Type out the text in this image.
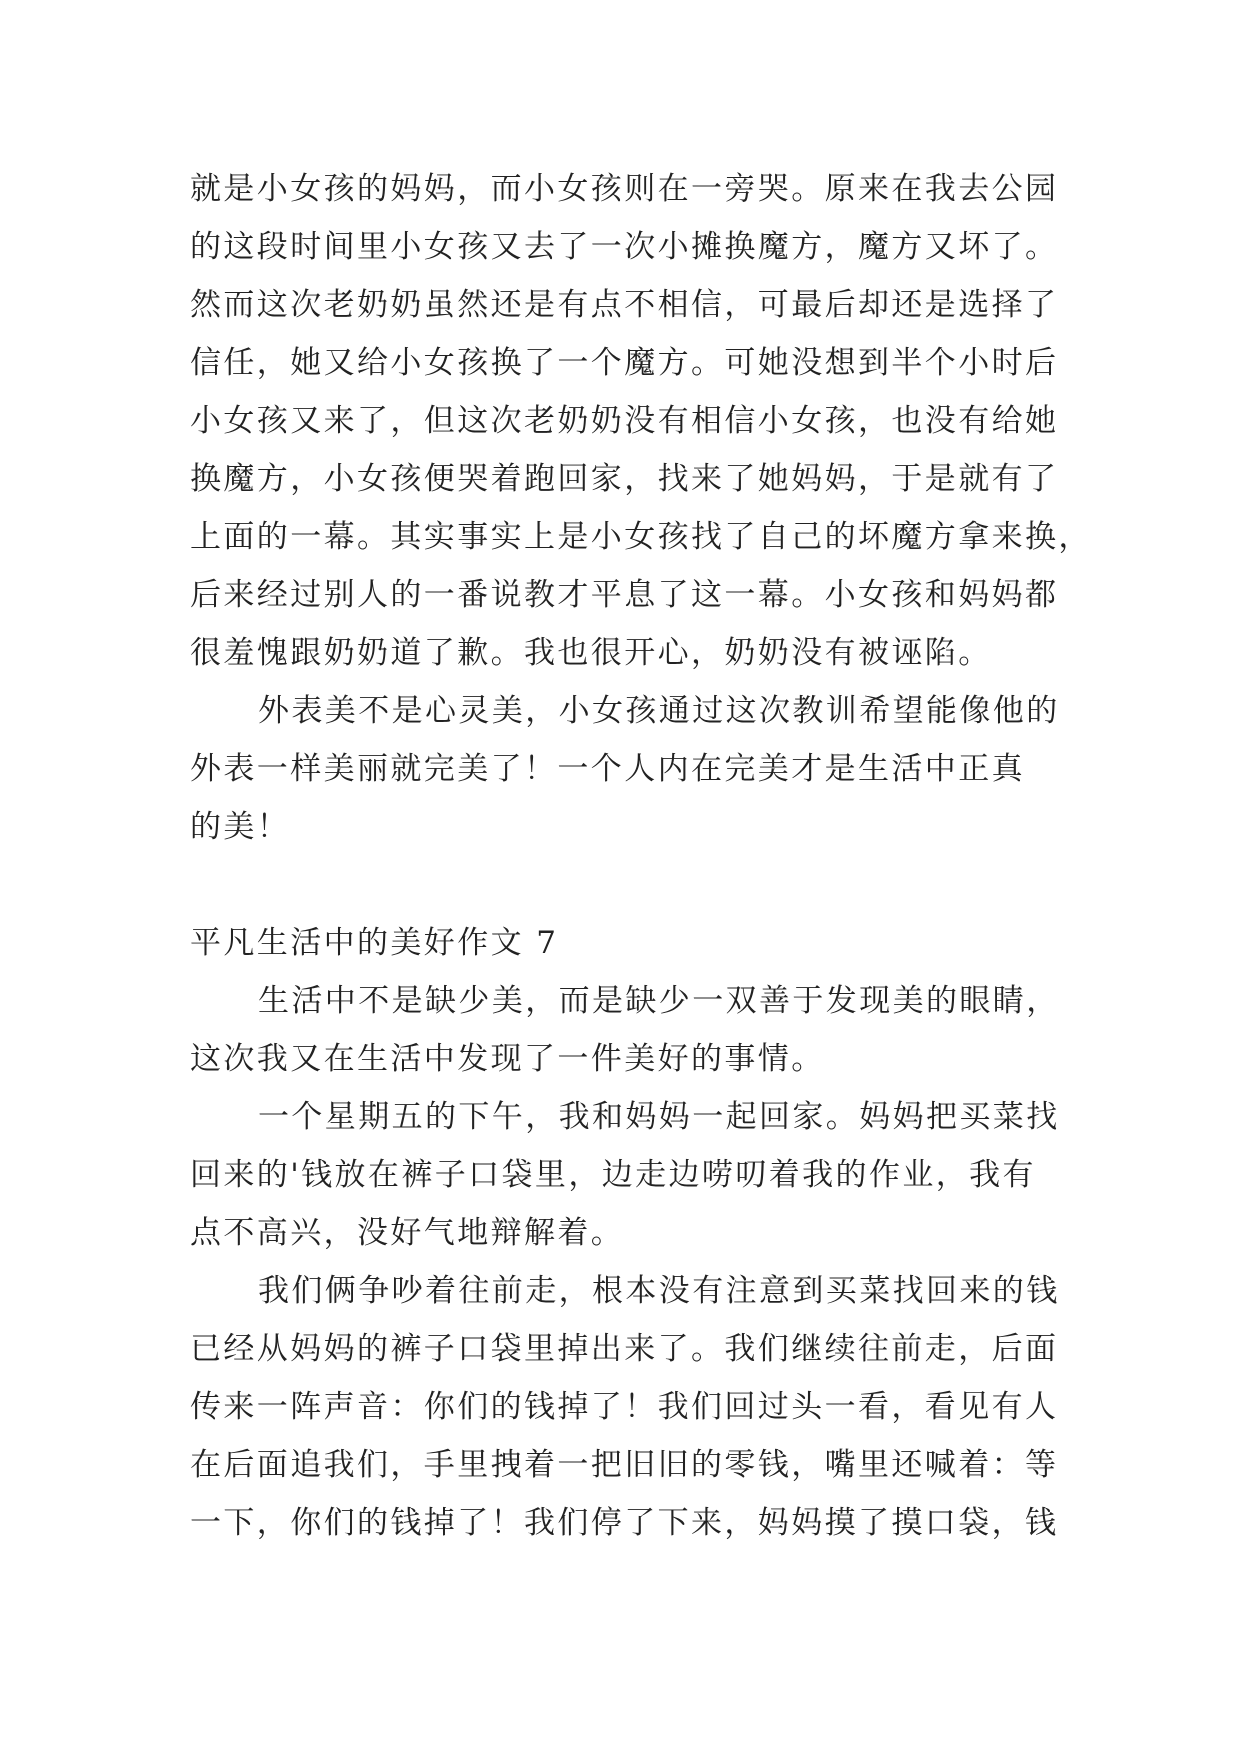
就是小女孩的妈妈，而小女孩则在一旁哭。原来在我去公园
的这段时间里小女孩又去了一次小摊换魔方，魔方又坏了。
然而这次老奶奶虽然还是有点不相信，可最后却还是选择了
信任，她又给小女孩换了一个魔方。可她没想到半个小时后
小女孩又来了，但这次老奶奶没有相信小女孩，也没有给她
换魔方，小女孩便哭着跑回家，找来了她妈妈，于是就有了
上面的一幕。其实事实上是小女孩找了自己的坏魔方拿来换，
后来经过别人的一番说教才平息了这一幕。小女孩和妈妈都
很羞愧跟奶奶道了歉。我也很开心，奶奶没有被诬陷。
外表美不是心灵美，小女孩通过这次教训希望能像他的
外表一样美丽就完美了！一个人内在完美才是生活中正真
的美！
平凡生活中的美好作文 7
生活中不是缺少美，而是缺少一双善于发现美的眼睛，
这次我又在生活中发现了一件美好的事情。
一个星期五的下午，我和妈妈一起回家。妈妈把买菜找
回来的'钱放在裤子口袋里，边走边唠叨着我的作业，我有
点不高兴，没好气地辩解着。
我们俩争吵着往前走，根本没有注意到买菜找回来的钱
已经从妈妈的裤子口袋里掉出来了。我们继续往前走，后面
传来一阵声音：你们的钱掉了！我们回过头一看，看见有人
在后面追我们，手里拽着一把旧旧的零钱，嘴里还喊着：等
一下，你们的钱掉了！我们停了下来，妈妈摸了摸口袋，钱
